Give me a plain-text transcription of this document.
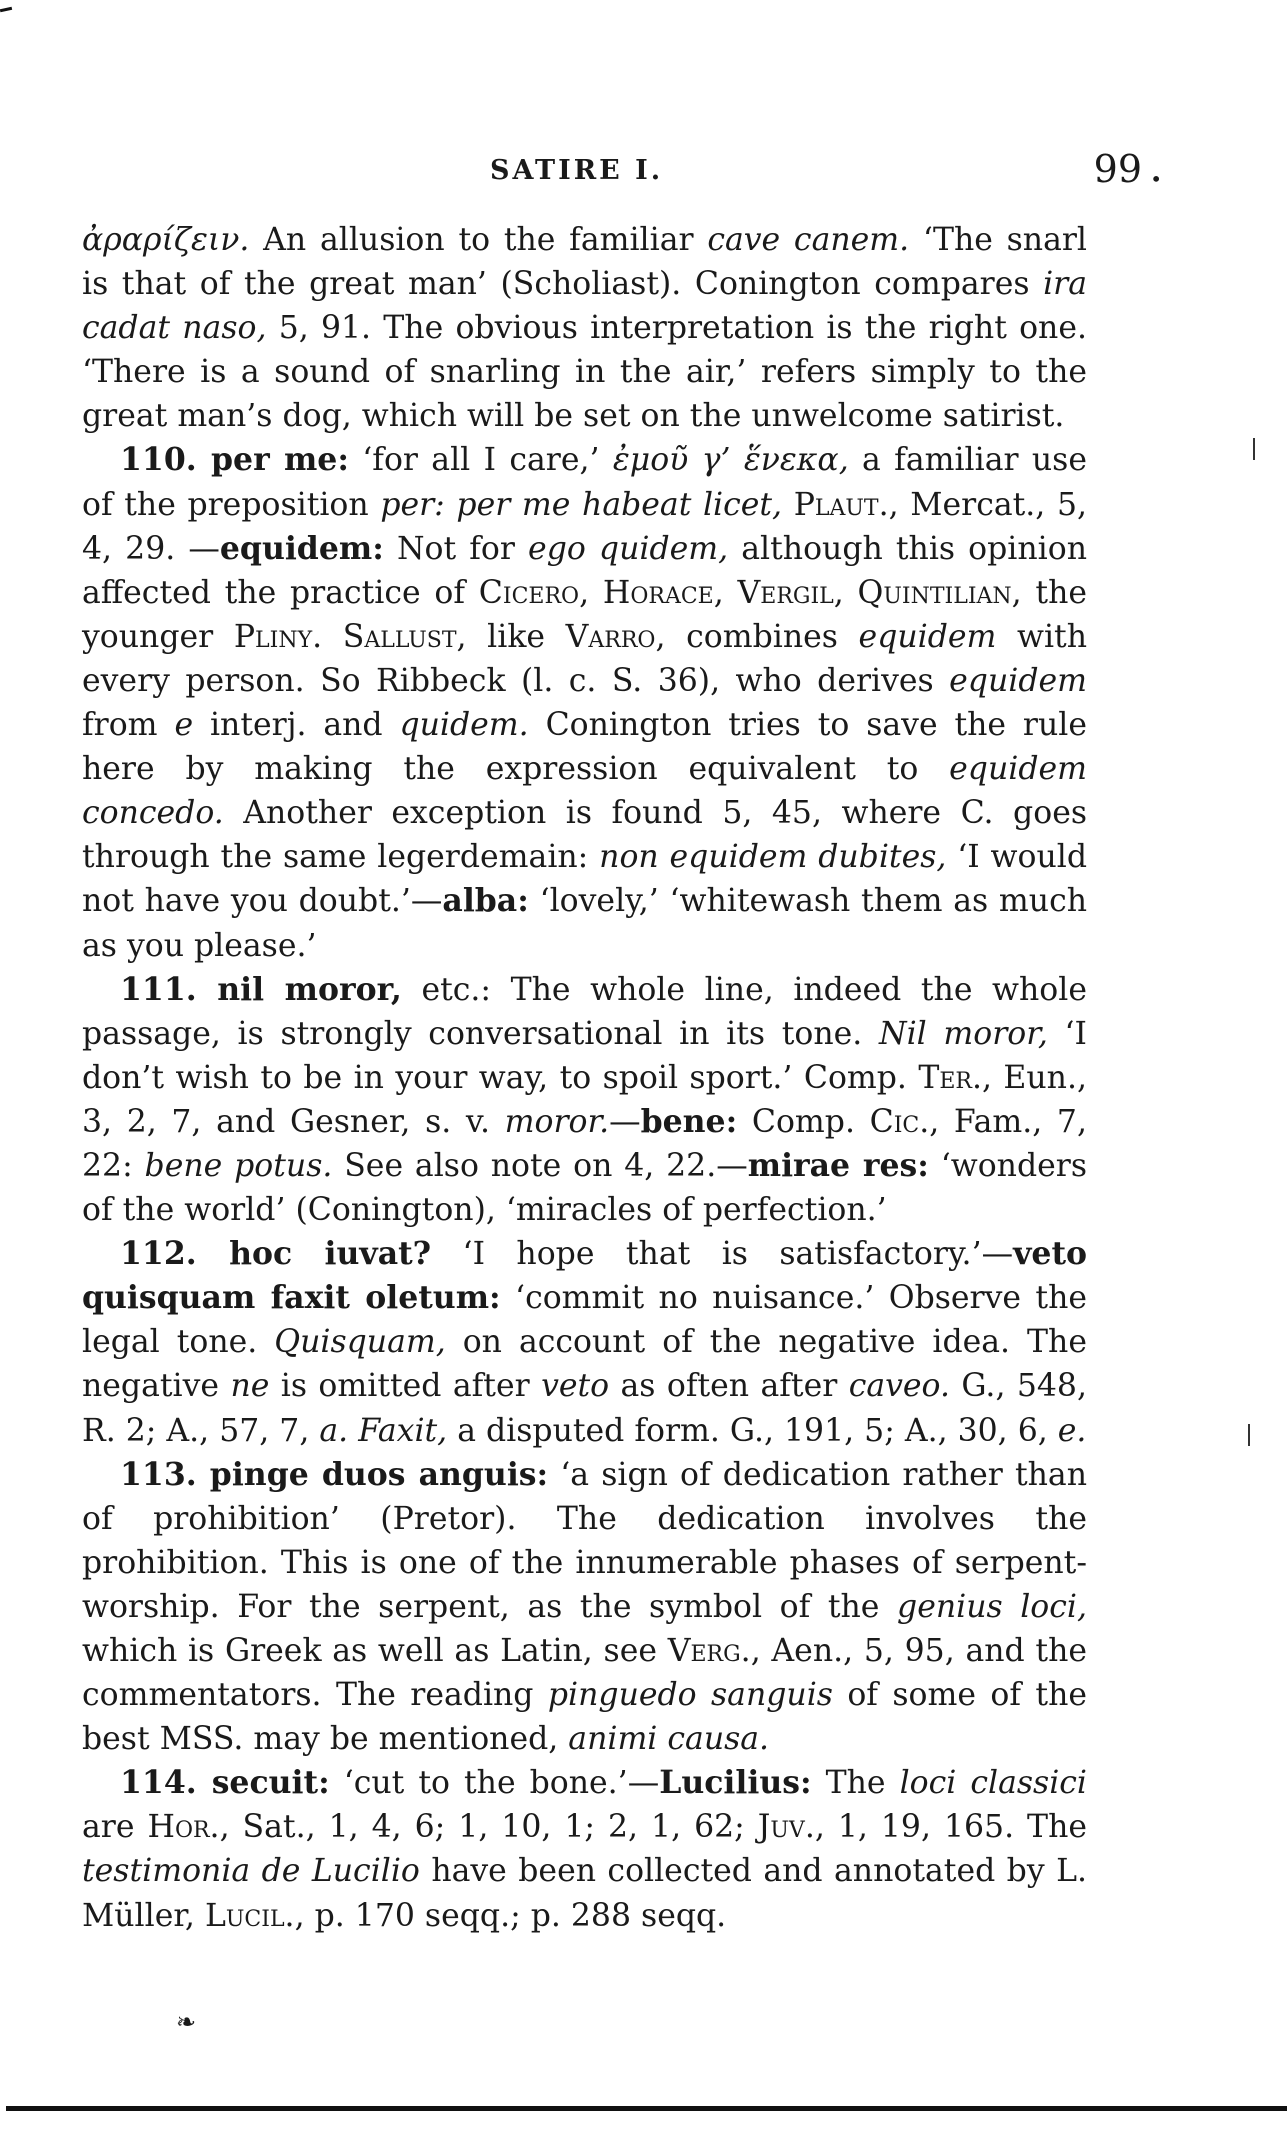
SATIRE I.	99 •

ἀραρίζειν. An allusion to the familiar cave canem. ‘The snarl is that of the great man’ (Scholiast). Conington compares ira cadat naso, 5, 91. The obvious interpretation is the right one. ‘There is a sound of snarling in the air,’ refers simply to the great man’s dog, which will be set on the unwelcome satirist.

110. per me: ‘for all I care,’ ἐμοῦ γ’ ἕνεκα, a familiar use of the preposition per: per me habeat licet, Plaut., Mercat., 5, 4, 29. —equidem: Not for ego quidem, although this opinion affected the practice of Cicero, Horace, Vergil, Quintilian, the younger Pliny. Sallust, like Varro, combines equidem with every person. So Ribbeck (l. c. S. 36), who derives equidem from e interj. and quidem. Conington tries to save the rule here by making the expression equivalent to equidem concedo. Another exception is found 5, 45, where C. goes through the same legerdemain: non equidem dubites, ‘I would not have you doubt.’—alba: ‘lovely,’ ‘whitewash them as much as you please.’

111. nil moror, etc.: The whole line, indeed the whole passage, is strongly conversational in its tone. Nil moror, ‘I don’t wish to be in your way, to spoil sport.’ Comp. Ter., Eun., 3, 2, 7, and Gesner, s. v. moror.—bene: Comp. Cic., Fam., 7, 22: bene potus. See also note on 4, 22.—mirae res: ‘wonders of the world’ (Conington), ‘miracles of perfection.’

112. hoc iuvat? ‘I hope that is satisfactory.’—veto quisquam faxit oletum: ‘commit no nuisance.’ Observe the legal tone. Quisquam, on account of the negative idea. The negative ne is omitted after veto as often after caveo. G., 548, R. 2; A., 57, 7, a. Faxit, a disputed form. G., 191, 5; A., 30, 6, e.

113. pinge duos anguis: ‘a sign of dedication rather than of prohibition’ (Pretor). The dedication involves the prohibition. This is one of the innumerable phases of serpent-worship. For the serpent, as the symbol of the genius loci, which is Greek as well as Latin, see Verg., Aen., 5, 95, and the commentators. The reading pinguedo sanguis of some of the best MSS. may be mentioned, animi causa.

114. secuit: ‘cut to the bone.’—Lucilius: The loci classici are Hor., Sat., 1, 4, 6; 1, 10, 1; 2, 1, 62; Juv., 1, 19, 165. The testimonia de Lucilio have been collected and annotated by L. Müller, Lucil., p. 170 seqq.; p. 288 seqq.

❧
